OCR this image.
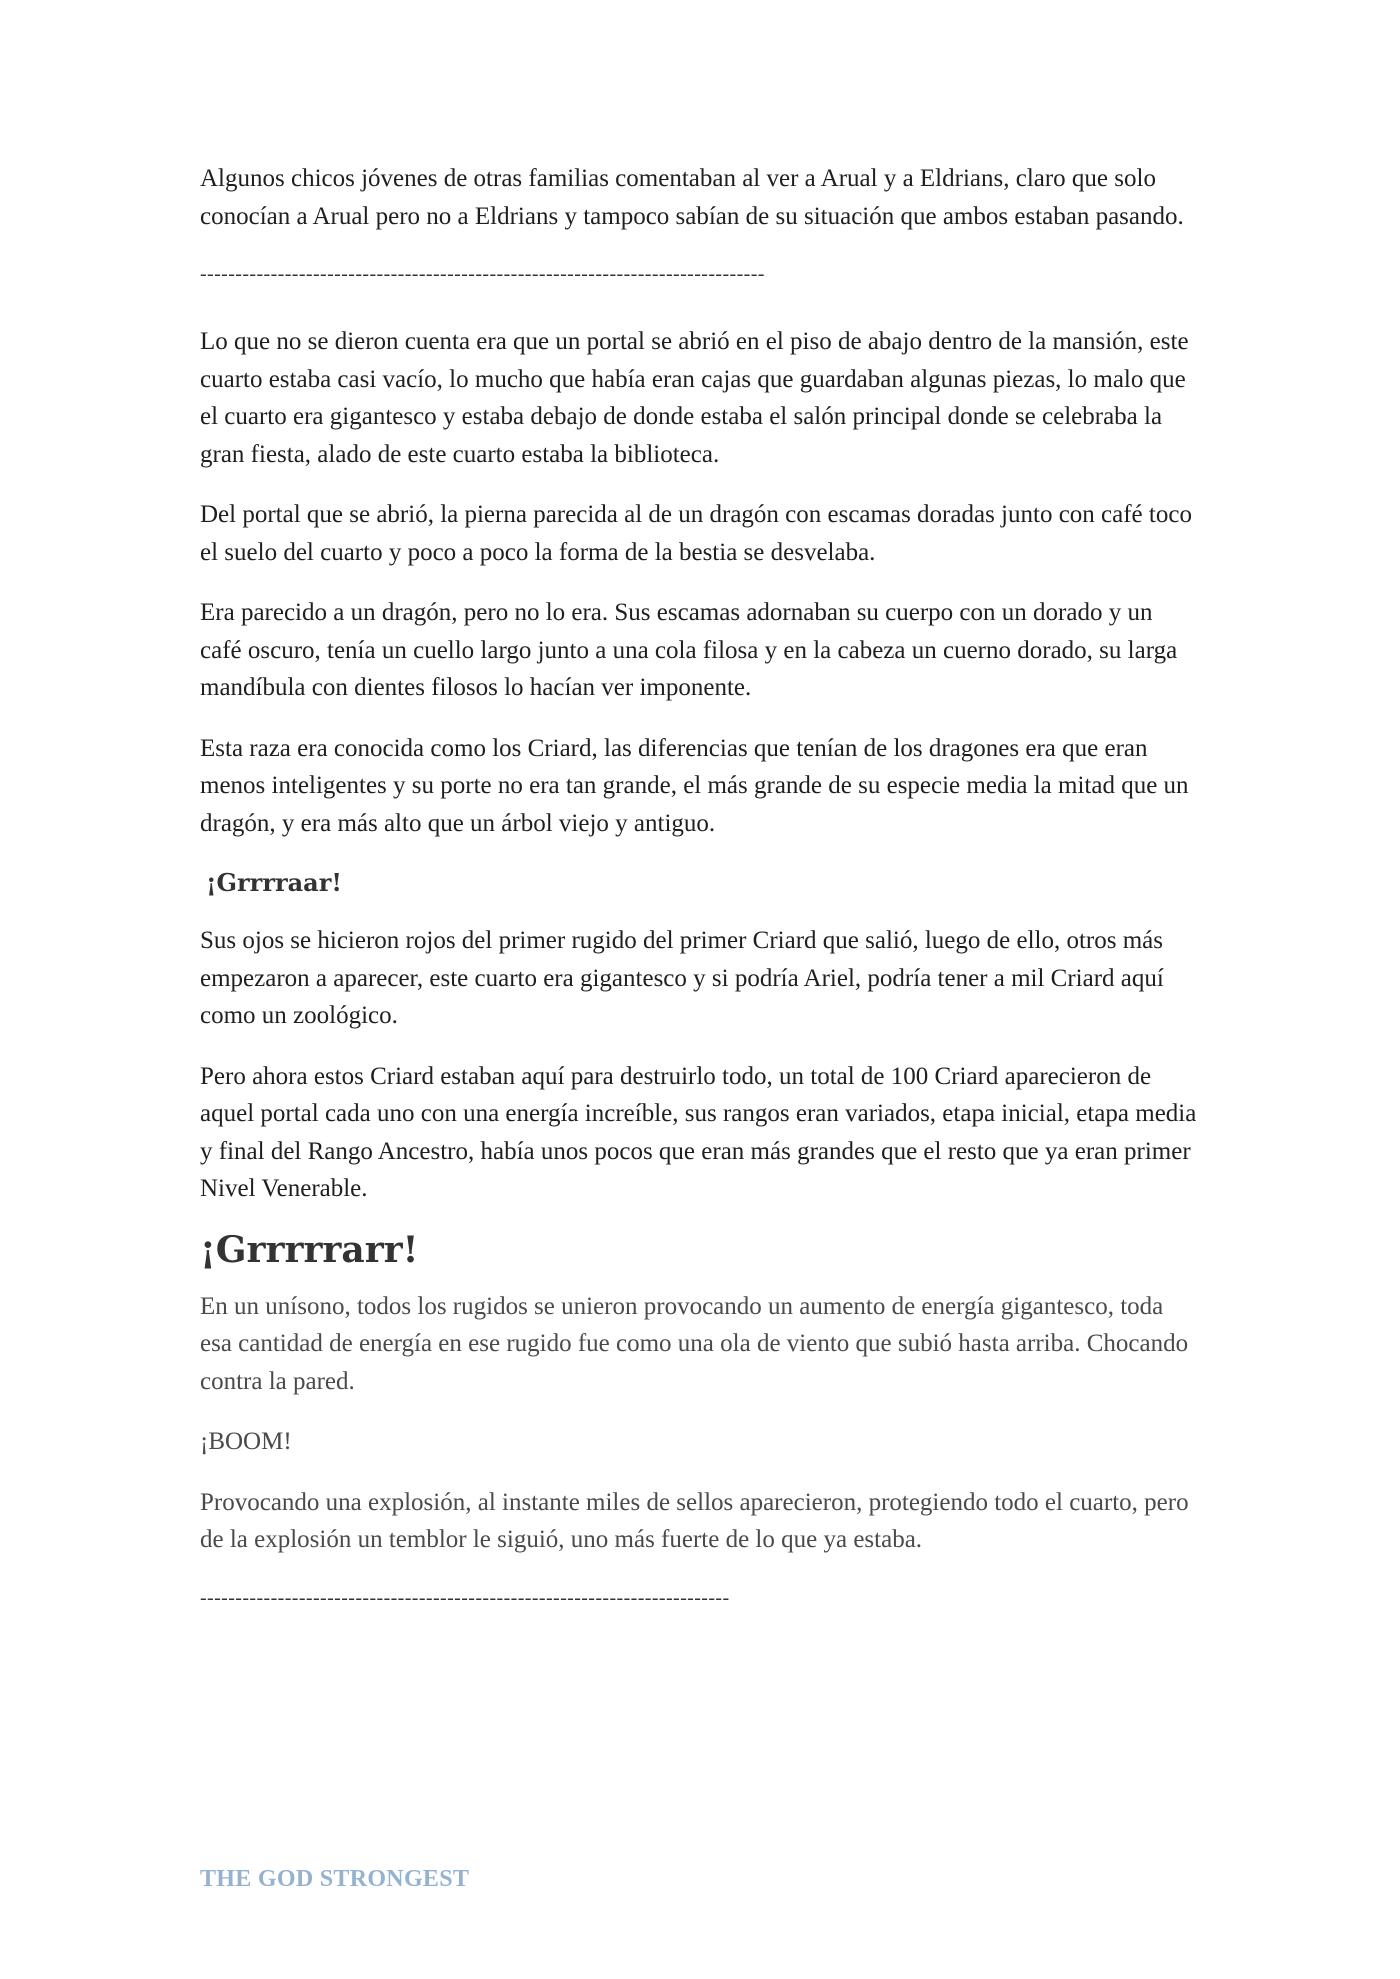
Algunos chicos jóvenes de otras familias comentaban al ver a Arual y a Eldrians, claro que solo conocían a Arual pero no a Eldrians y tampoco sabían de su situación que ambos estaban pasando.

--------------------------------------------------------------------------------

Lo que no se dieron cuenta era que un portal se abrió en el piso de abajo dentro de la mansión, este cuarto estaba casi vacío, lo mucho que había eran cajas que guardaban algunas piezas, lo malo que el cuarto era gigantesco y estaba debajo de donde estaba el salón principal donde se celebraba la gran fiesta, alado de este cuarto estaba la biblioteca.

Del portal que se abrió, la pierna parecida al de un dragón con escamas doradas junto con café toco el suelo del cuarto y poco a poco la forma de la bestia se desvelaba.

Era parecido a un dragón, pero no lo era. Sus escamas adornaban su cuerpo con un dorado y un café oscuro, tenía un cuello largo junto a una cola filosa y en la cabeza un cuerno dorado, su larga mandíbula con dientes filosos lo hacían ver imponente.

Esta raza era conocida como los Criard, las diferencias que tenían de los dragones era que eran menos inteligentes y su porte no era tan grande, el más grande de su especie media la mitad que un dragón, y era más alto que un árbol viejo y antiguo.

¡Grrrraar!

Sus ojos se hicieron rojos del primer rugido del primer Criard que salió, luego de ello, otros más empezaron a aparecer, este cuarto era gigantesco y si podría Ariel, podría tener a mil Criard aquí como un zoológico.

Pero ahora estos Criard estaban aquí para destruirlo todo, un total de 100 Criard aparecieron de aquel portal cada uno con una energía increíble, sus rangos eran variados, etapa inicial, etapa media y final del Rango Ancestro, había unos pocos que eran más grandes que el resto que ya eran primer Nivel Venerable.

¡Grrrrrarr!

En un unísono, todos los rugidos se unieron provocando un aumento de energía gigantesco, toda esa cantidad de energía en ese rugido fue como una ola de viento que subió hasta arriba. Chocando contra la pared.

¡BOOM!

Provocando una explosión, al instante miles de sellos aparecieron, protegiendo todo el cuarto, pero de la explosión un temblor le siguió, uno más fuerte de lo que ya estaba.

---------------------------------------------------------------------------
THE GOD STRONGEST
